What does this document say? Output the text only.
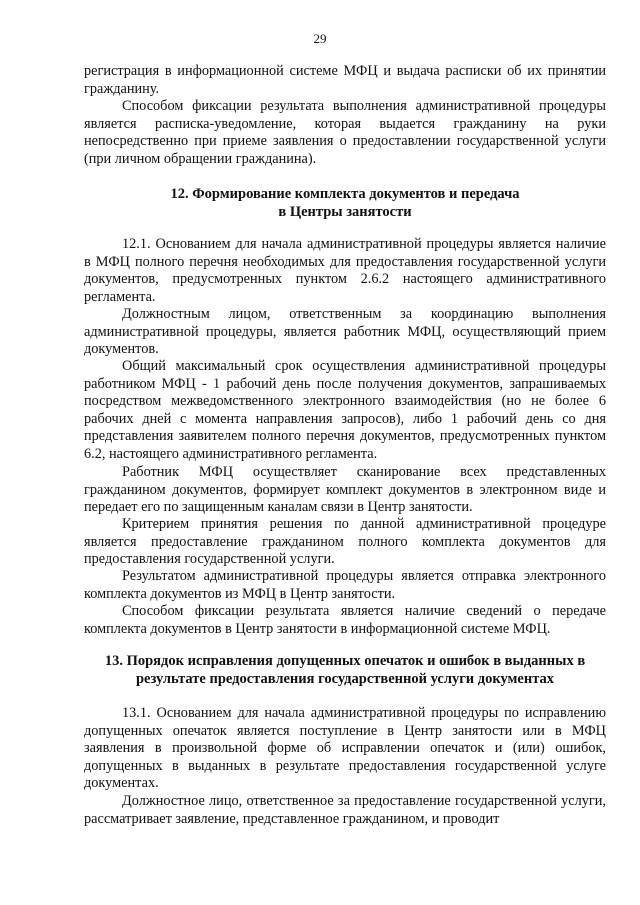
29

регистрация в информационной системе МФЦ и выдача расписки об их принятии гражданину.

Способом фиксации результата выполнения административной процедуры является расписка-уведомление, которая выдается гражданину на руки непосредственно при приеме заявления о предоставлении государственной услуги (при личном обращении гражданина).

12. Формирование комплекта документов и передача
в Центры занятости

12.1. Основанием для начала административной процедуры является наличие в МФЦ полного перечня необходимых для предоставления государственной услуги документов, предусмотренных пунктом 2.6.2 настоящего административного регламента.

Должностным лицом, ответственным за координацию выполнения административной процедуры, является работник МФЦ, осуществляющий прием документов.

Общий максимальный срок осуществления административной процедуры работником МФЦ - 1 рабочий день после получения документов, запрашиваемых посредством межведомственного электронного взаимодействия (но не более 6 рабочих дней с момента направления запросов), либо 1 рабочий день со дня представления заявителем полного перечня документов, предусмотренных пунктом 6.2, настоящего административного регламента.

Работник МФЦ осуществляет сканирование всех представленных гражданином документов, формирует комплект документов в электронном виде и передает его по защищенным каналам связи в Центр занятости.

Критерием принятия решения по данной административной процедуре является предоставление гражданином полного комплекта документов для предоставления государственной услуги.

Результатом административной процедуры является отправка электронного комплекта документов из МФЦ в Центр занятости.

Способом фиксации результата является наличие сведений о передаче комплекта документов в Центр занятости в информационной системе МФЦ.

13. Порядок исправления допущенных опечаток и ошибок в выданных в
результате предоставления государственной услуги документах

13.1. Основанием для начала административной процедуры по исправлению допущенных опечаток является поступление в Центр занятости или в МФЦ заявления в произвольной форме об исправлении опечаток и (или) ошибок, допущенных в выданных в результате предоставления государственной услуге документах.

Должностное лицо, ответственное за предоставление государственной услуги, рассматривает заявление, представленное гражданином, и проводит
